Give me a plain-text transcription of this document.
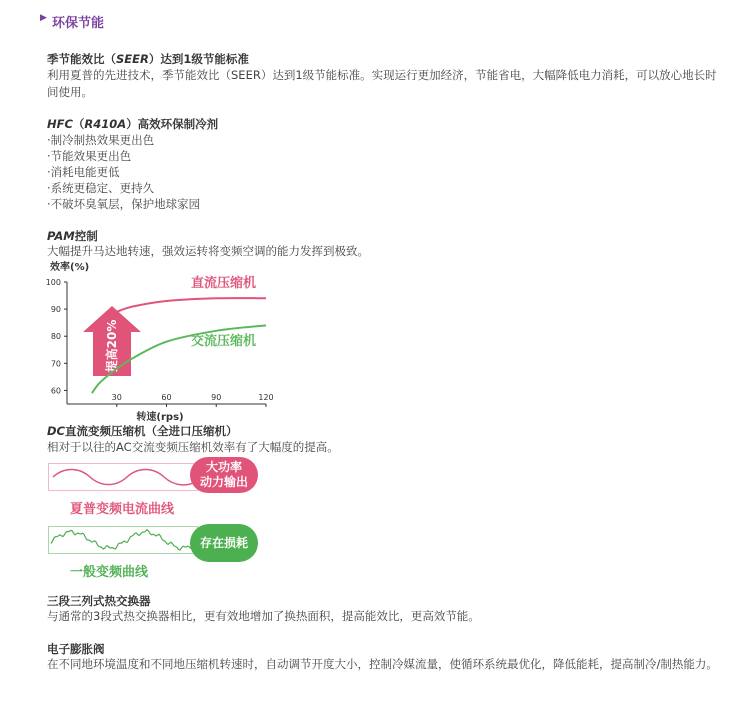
▶ 环保节能
季节能效比（SEER）达到1级节能标准
利用夏普的先进技术，季节能效比（SEER）达到1级节能标准。实现运行更加经济，节能省电，大幅降低电力消耗，可以放心地长时间使用。
HFC（R410A）高效环保制冷剂
·制冷制热效果更出色
·节能效果更出色
·消耗电能更低
·系统更稳定、更持久
·不破坏臭氧层，保护地球家园
PAM控制
大幅提升马达地转速，强效运转将变频空调的能力发挥到极致。
效率(%)
100
90
80
70
60
30	60	90	120
提高20%
转速(rps)
直流压缩机
交流压缩机
DC直流变频压缩机（全进口压缩机）
相对于以往的AC交流变频压缩机效率有了大幅度的提高。
大功率
动力输出
夏普变频电流曲线
存在损耗
一般变频曲线
三段三列式热交换器
与通常的3段式热交换器相比，更有效地增加了换热面积，提高能效比，更高效节能。
电子膨胀阀
在不同地环境温度和不同地压缩机转速时，自动调节开度大小，控制冷媒流量，使循环系统最优化，降低能耗，提高制冷/制热能力。
